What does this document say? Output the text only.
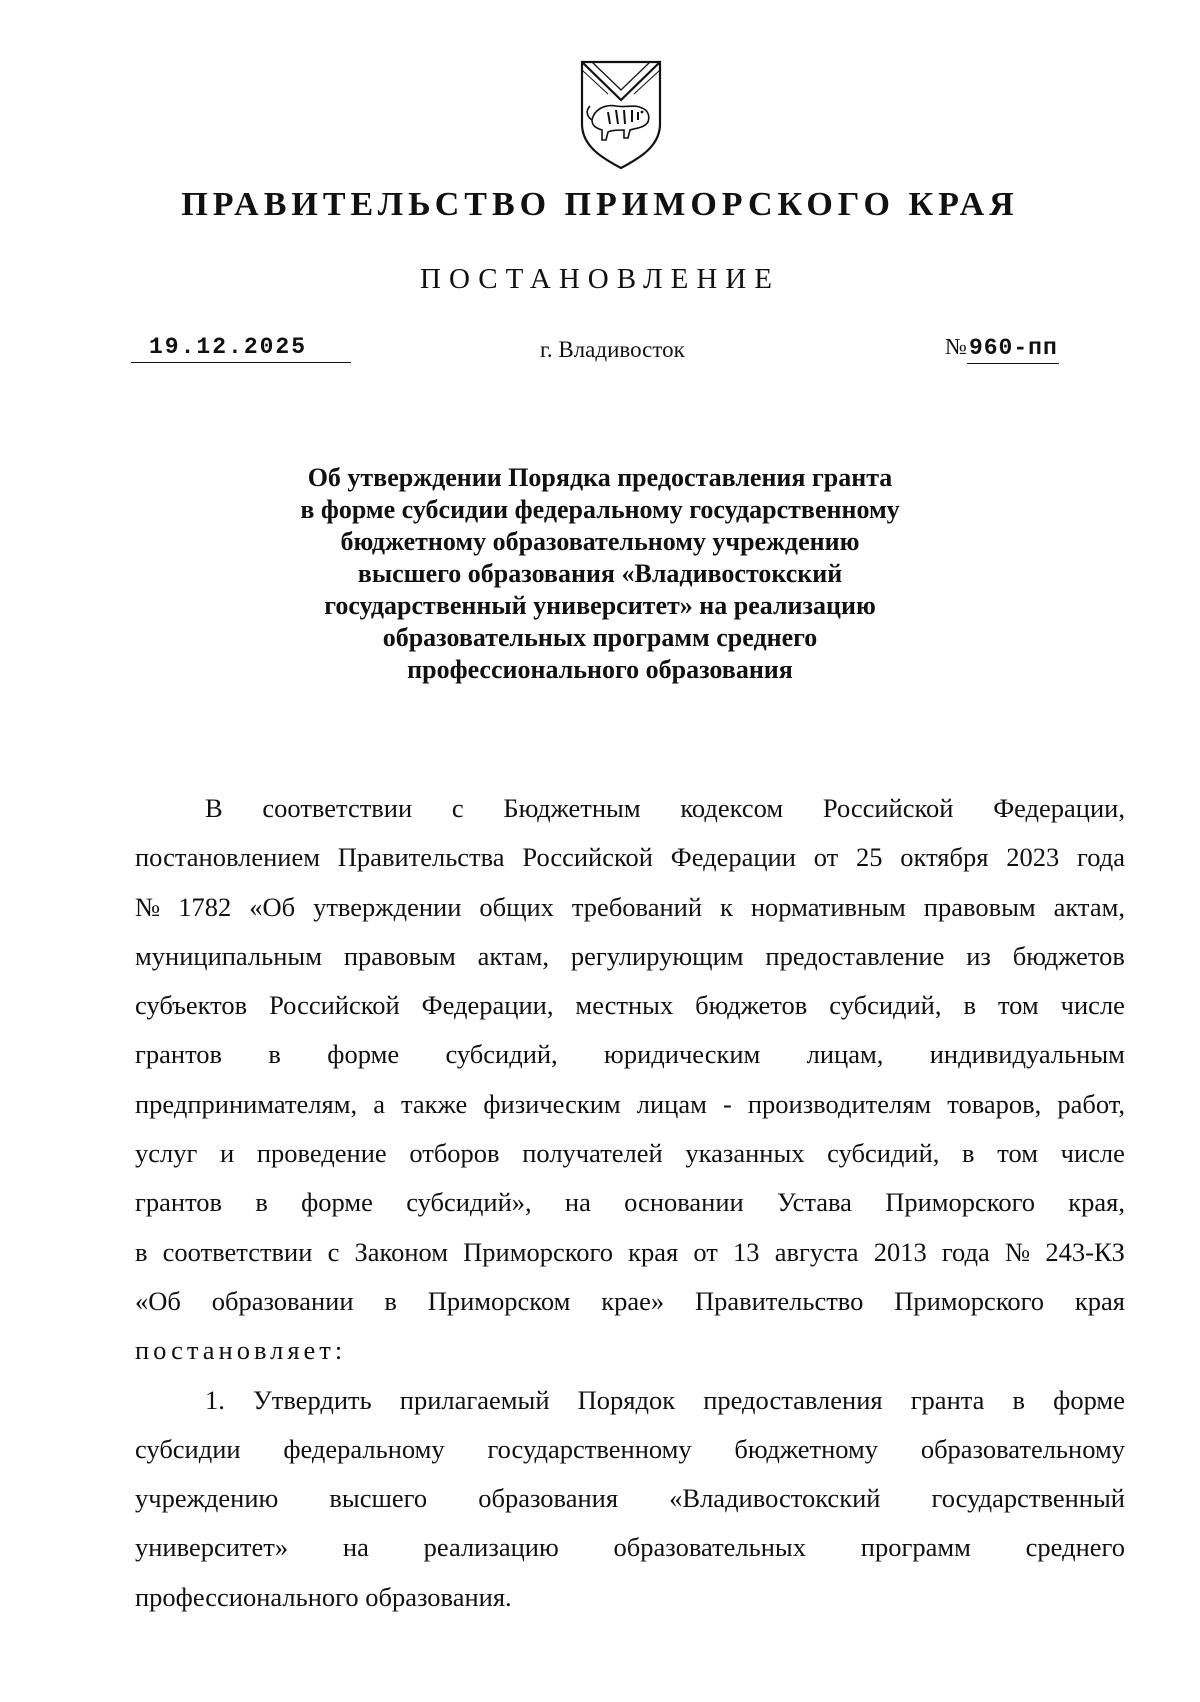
ПРАВИТЕЛЬСТВО ПРИМОРСКОГО КРАЯ
ПОСТАНОВЛЕНИЕ
19.12.2025	г. Владивосток	№960-пп
Об утверждении Порядка предоставления гранта
в форме субсидии федеральному государственному
бюджетному образовательному учреждению
высшего образования «Владивостокский
государственный университет» на реализацию
образовательных программ среднего
профессионального образования
В соответствии с Бюджетным кодексом Российской Федерации,
постановлением Правительства Российской Федерации от 25 октября 2023 года
№ 1782 «Об утверждении общих требований к нормативным правовым актам,
муниципальным правовым актам, регулирующим предоставление из бюджетов
субъектов Российской Федерации, местных бюджетов субсидий, в том числе
грантов в форме субсидий, юридическим лицам, индивидуальным
предпринимателям, а также физическим лицам - производителям товаров, работ,
услуг и проведение отборов получателей указанных субсидий, в том числе
грантов в форме субсидий», на основании Устава Приморского края,
в соответствии с Законом Приморского края от 13 августа 2013 года № 243-КЗ
«Об образовании в Приморском крае» Правительство Приморского края
постановляет:
1. Утвердить прилагаемый Порядок предоставления гранта в форме
субсидии федеральному государственному бюджетному образовательному
учреждению высшего образования «Владивостокский государственный
университет» на реализацию образовательных программ среднего
профессионального образования.
